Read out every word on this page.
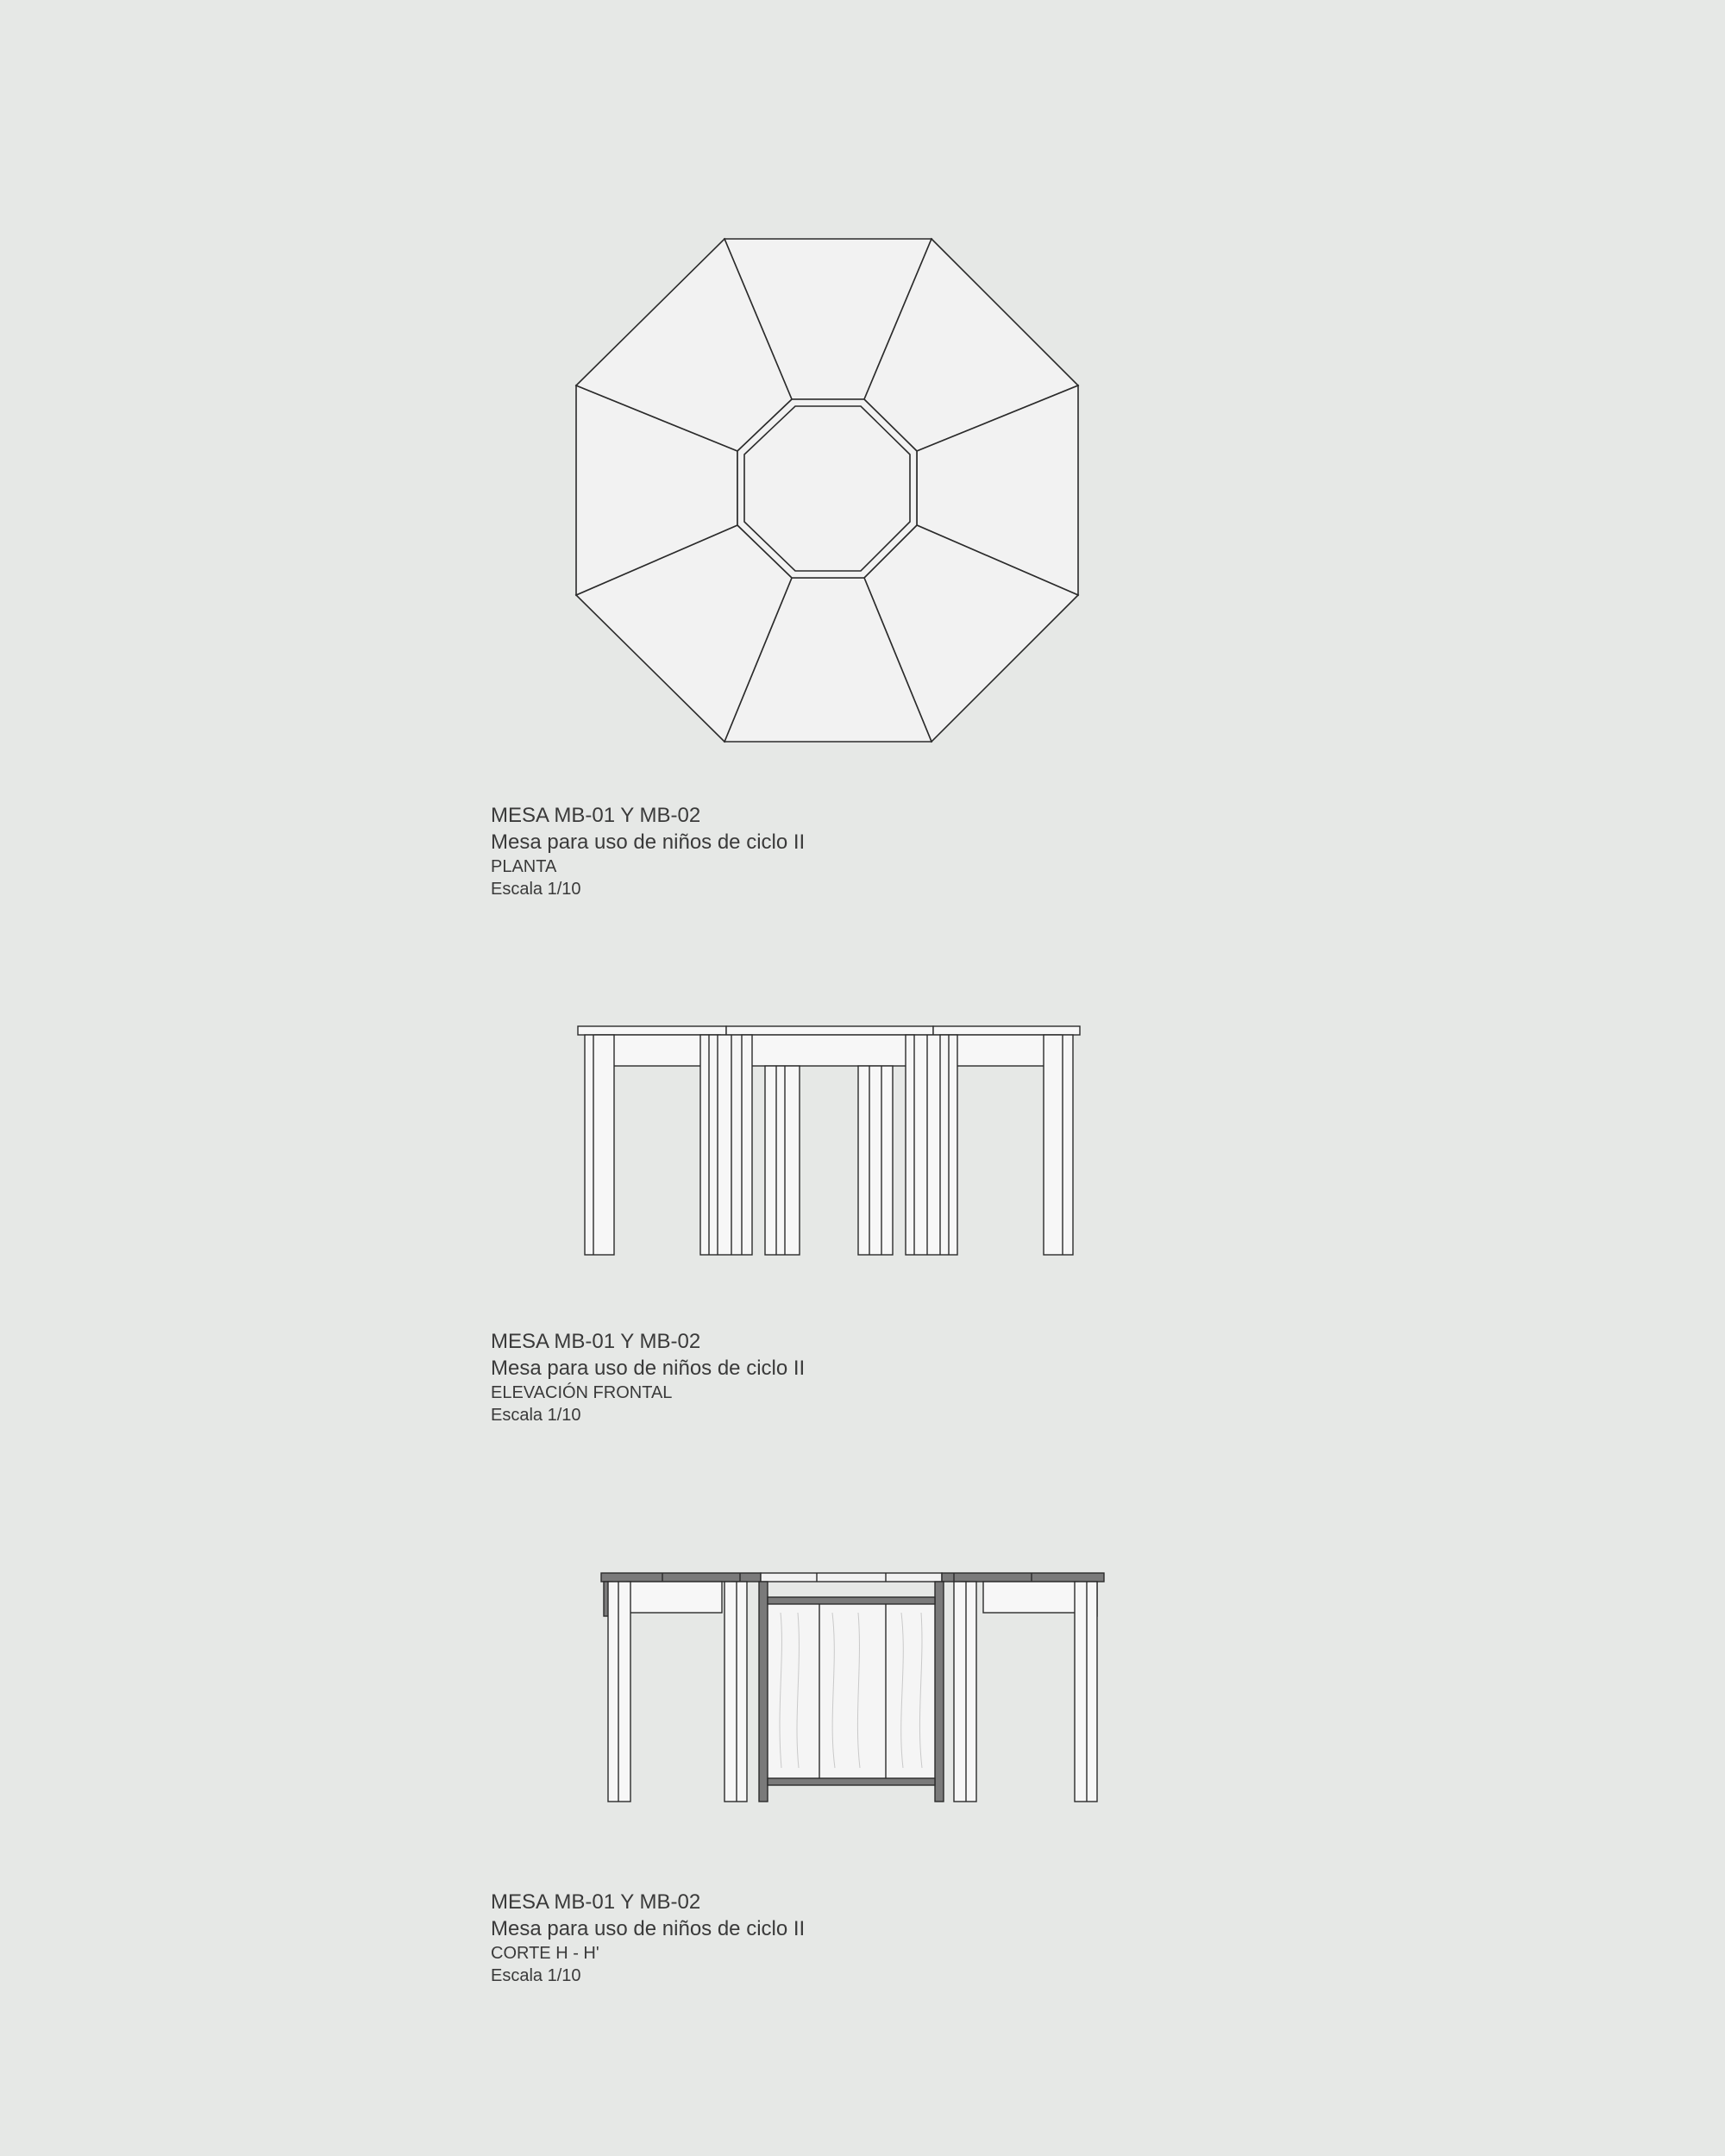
MESA MB-01 Y MB-02
Mesa para uso de niños de ciclo II
PLANTA
Escala 1/10
MESA MB-01 Y MB-02
Mesa para uso de niños de ciclo II
ELEVACIÓN FRONTAL
Escala 1/10
MESA MB-01 Y MB-02
Mesa para uso de niños de ciclo II
CORTE H - H'
Escala 1/10
